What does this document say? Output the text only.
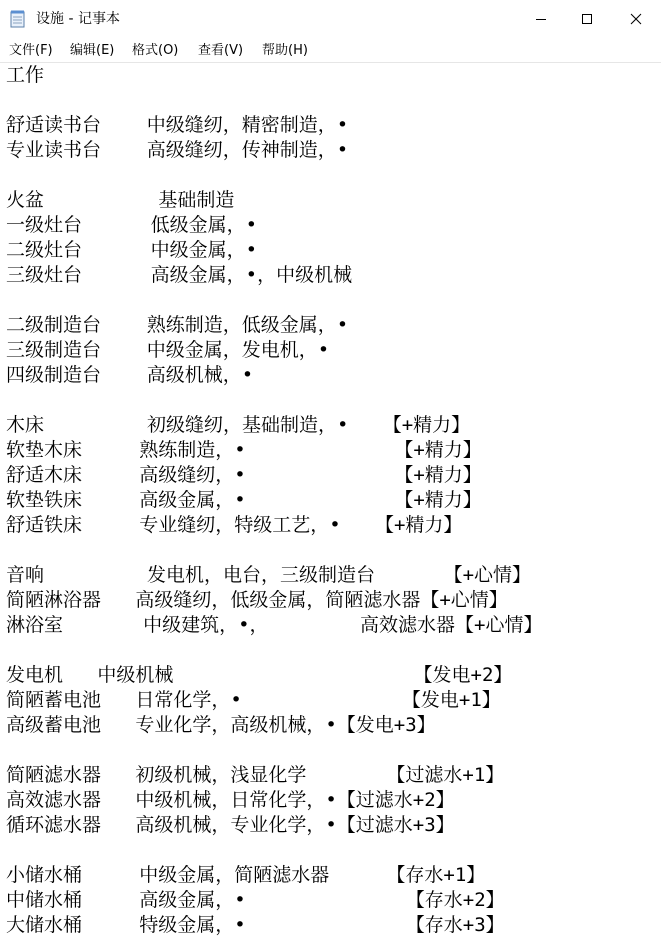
设施 - 记事本
文件(F) 编辑(E) 格式(O) 查看(V) 帮助(H)
工作
舒适读书台    中级缝纫，精密制造，•
专业读书台    高级缝纫，传神制造，•
火盆          基础制造
一级灶台      低级金属，•
二级灶台      中级金属，•
三级灶台      高级金属，•，中级机械
二级制造台    熟练制造，低级金属，•
三级制造台    中级金属，发电机，•
四级制造台    高级机械，•
木床         初级缝纫，基础制造，•   【+精力】
软垫木床     熟练制造，•             【+精力】
舒适木床     高级缝纫，•             【+精力】
软垫铁床     高级金属，•             【+精力】
舒适铁床     专业缝纫，特级工艺，•   【+精力】
音响         发电机，电台，三级制造台      【+心情】
简陋淋浴器   高级缝纫，低级金属，简陋滤水器【+心情】
淋浴室       中级建筑，•，        高效滤水器【+心情】
发电机   中级机械                     【发电+2】
简陋蓄电池   日常化学，•              【发电+1】
高级蓄电池   专业化学，高级机械，•【发电+3】
简陋滤水器   初级机械，浅显化学       【过滤水+1】
高效滤水器   中级机械，日常化学，•【过滤水+2】
循环滤水器   高级机械，专业化学，•【过滤水+3】
小储水桶     中级金属，简陋滤水器     【存水+1】
中储水桶     高级金属，•              【存水+2】
大储水桶     特级金属，•              【存水+3】
